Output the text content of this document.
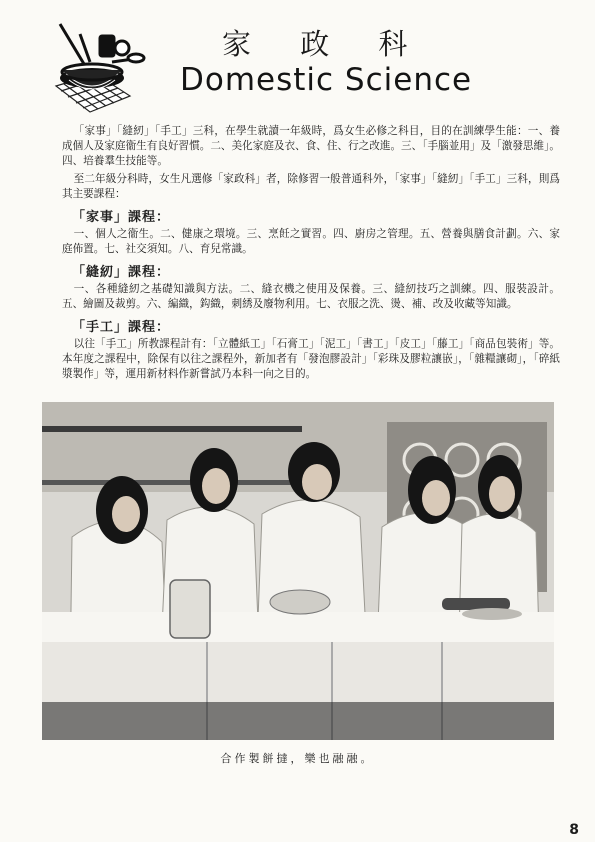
家 政 科
Domestic Science

「家事」「縫紉」「手工」三科，在學生就讀一年級時，爲女生必修之科目，目的在訓練學生能：一、養成個人及家庭衞生有良好習慣。二、美化家庭及衣、食、住、行之改進。三、「手腦並用」及「激發思維」。四、培養羣生技能等。

至二年級分科時，女生凡選修「家政科」者，除修習一般普通科外，「家事」「縫紉」「手工」三科，則爲其主要課程：

「家事」課程：

一、個人之衞生。二、健康之環境。三、烹飪之實習。四、廚房之管理。五、營養與膳食計劃。六、家庭佈置。七、社交須知。八、育兒常識。

「縫紉」課程：

一、各種縫紉之基礎知識與方法。二、縫衣機之使用及保養。三、縫紉技巧之訓練。四、服裝設計。五、繪圖及裁剪。六、編織，鈎織，刺綉及廢物利用。七、衣服之洗、燙、補、改及收藏等知識。

「手工」課程：

以往「手工」所教課程計有：「立體紙工」「石膏工」「泥工」「書工」「皮工」「藤工」「商品包裝術」等。本年度之課程中，除保有以往之課程外，新加者有「發泡膠設計」「彩珠及膠粒讓嵌」，「雜糧讓砌」，「碎紙漿製作」等，運用新材料作新嘗試乃本科一向之目的。

合作製餅撻，樂也融融。
8
